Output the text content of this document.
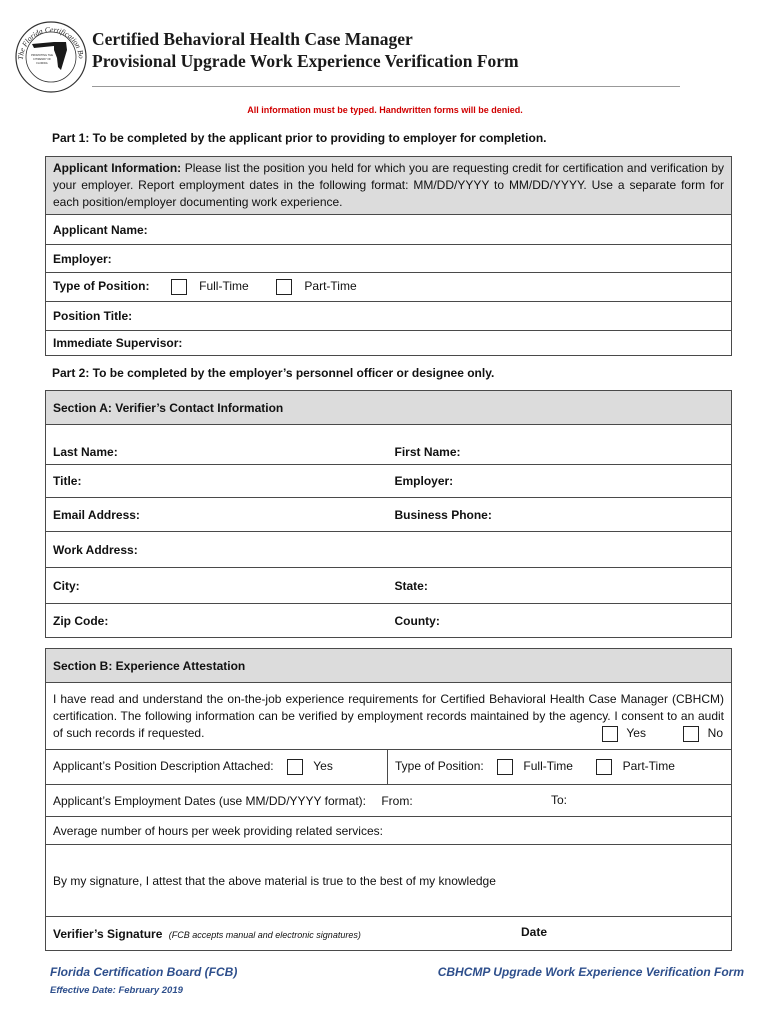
The Florida Certification Bo
PROMOTING THE
CITIZENRY OF
FLORIDA
Certified Behavioral Health Case Manager
Provisional Upgrade Work Experience Verification Form
All information must be typed. Handwritten forms will be denied.
Part 1: To be completed by the applicant prior to providing to employer for completion.
Applicant Information: Please list the position you held for which you are requesting credit for certification and verification by your employer. Report employment dates in the following format: MM/DD/YYYY to MM/DD/YYYY. Use a separate form for each position/employer documenting work experience.
Applicant Name:
Employer:
Type of Position:	Full-Time	Part-Time
Position Title:
Immediate Supervisor:
Part 2: To be completed by the employer’s personnel officer or designee only.
Section A: Verifier’s Contact Information	
Last Name:	First Name:
Title:	Employer:
Email Address:	Business Phone:
Work Address:	
City:	State:
Zip Code:	County:
Section B: Experience Attestation
I have read and understand the on-the-job experience requirements for Certified Behavioral Health Case Manager (CBHCM) certification. The following information can be verified by employment records maintained by the agency. I consent to an audit of such records if requested.	Yes	No

Applicant’s Position Description Attached:	Yes	Type of Position:	Full-Time	Part-Time
Applicant’s Employment Dates (use MM/DD/YYYY format): From:	To:

Average number of hours per week providing related services:
By my signature, I attest that the above material is true to the best of my knowledge
Verifier’s Signature (FCB accepts manual and electronic signatures)	Date
Florida Certification Board (FCB)
Effective Date: February 2019
CBHCMP Upgrade Work Experience Verification Form
